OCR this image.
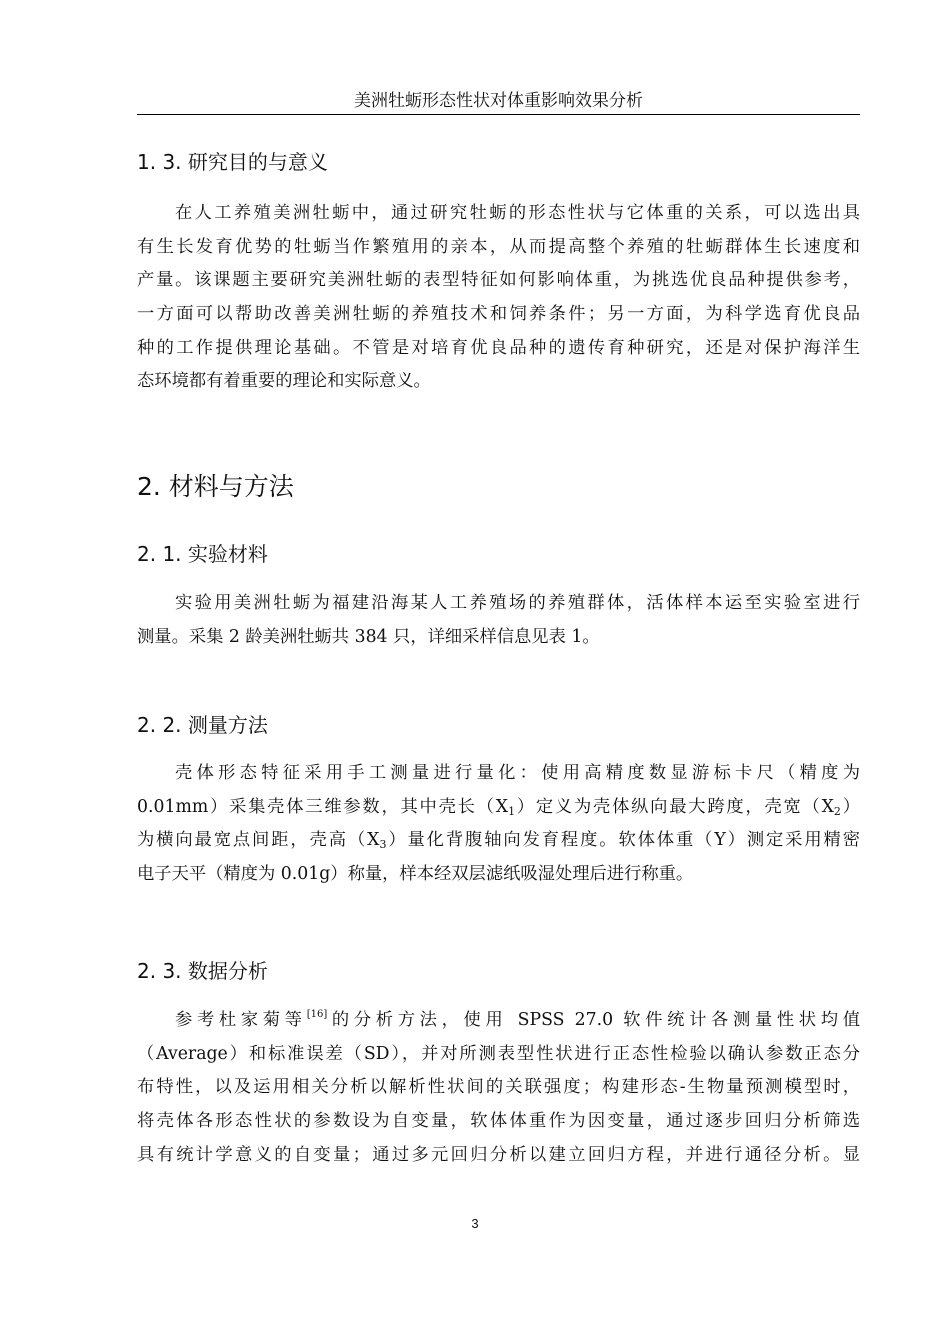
美洲牡蛎形态性状对体重影响效果分析
1. 3. 研究目的与意义
在人工养殖美洲牡蛎中，通过研究牡蛎的形态性状与它体重的关系，可以选出具
有生长发育优势的牡蛎当作繁殖用的亲本，从而提高整个养殖的牡蛎群体生长速度和
产量。该课题主要研究美洲牡蛎的表型特征如何影响体重，为挑选优良品种提供参考，
一方面可以帮助改善美洲牡蛎的养殖技术和饲养条件；另一方面，为科学选育优良品
种的工作提供理论基础。不管是对培育优良品种的遗传育种研究，还是对保护海洋生
态环境都有着重要的理论和实际意义。
2. 材料与方法
2. 1. 实验材料
实验用美洲牡蛎为福建沿海某人工养殖场的养殖群体，活体样本运至实验室进行
测量。采集 2 龄美洲牡蛎共 384 只，详细采样信息见表 1。
2. 2. 测量方法
壳体形态特征采用手工测量进行量化：使用高精度数显游标卡尺（精度为
0.01mm）采集壳体三维参数，其中壳长$(X_1)$定义为壳体纵向最大跨度，壳宽$(X_2)$
为横向最宽点间距，壳高$(X_3)$量化背腹轴向发育程度。软体体重（Y）测定采用精密
电子天平（精度为 0.01g）称量，样本经双层滤纸吸湿处理后进行称重。
2. 3. 数据分析
参考杜家菊等[16]的分析方法，使用 SPSS 27.0 软件统计各测量性状均值
（Average）和标准误差（SD），并对所测表型性状进行正态性检验以确认参数正态分
布特性，以及运用相关分析以解析性状间的关联强度；构建形态-生物量预测模型时，
将壳体各形态性状的参数设为自变量，软体体重作为因变量，通过逐步回归分析筛选
具有统计学意义的自变量；通过多元回归分析以建立回归方程，并进行通径分析。显
3
